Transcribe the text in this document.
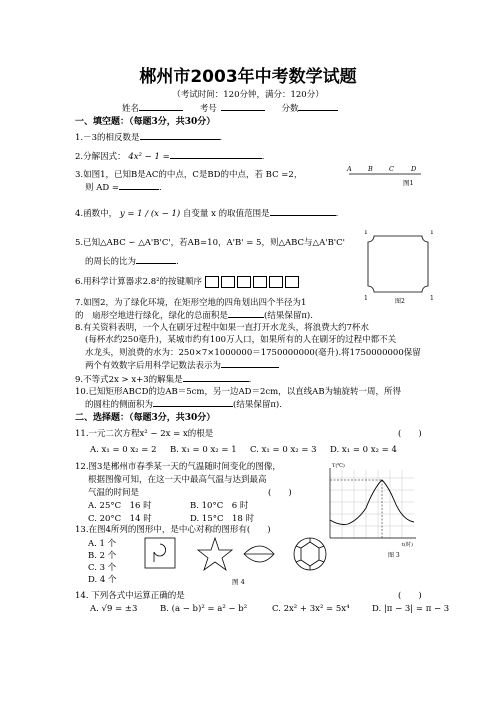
郴州市2003年中考数学试题
（考试时间：120分钟，满分：120分）
姓名	考号	分数
一、填空题：（每题3分，共30分）
1.－3的相反数是	.
2.分解因式： 4x² − 1 =	.
3.如图1，已知B是AC的中点，C是BD的中点，若 BC =2，
则 AD =	.
A	B C	D
图1
4.函数中， y = 1 / (x − 1) 自变量 x 的取值范围是	.
5.已知△ABC ∽ △A'B'C'，若AB=10，A'B' = 5，则△ABC与△A'B'C'
的周长的比为	.
6.用科学计算器求2.8²的按键顺序
1	1
1	1
图2
7.如图2，为了绿化环境，在矩形空地的四角划出四个半径为1
的　扇形空地进行绿化，绿化的总面积是	(结果保留π).
8.有关资料表明，一个人在刷牙过程中如果一直打开水龙头，将浪费大约7杯水
(每杯水约250毫升)，某城市约有100万人口，如果所有的人在刷牙的过程中都不关
水龙头，则浪费的水为：250×7×1000000＝1750000000(毫升).将1750000000保留
两个有效数字后用科学记数法表示为
9.不等式2x > x+3的解集是	.
10.已知矩形ABCD的边AB＝5cm，另一边AD＝2cm，以直线AB为轴旋转一周，所得
的圆柱的侧面积为	(结果保留π).
二、选择题：（每题3分，共30分）
11.一元二次方程x² − 2x = x的根是	(　　)
A. x₁ = 0 x₂ = 2 B. x₁ = 0 x₂ = 1 C. x₁ = 0 x₂ = 3 D. x₁ = 0 x₂ = 4
12.图3是郴州市春季某一天的气温随时间变化的图像，
根据图像可知，在这一天中最高气温与达到最高
气温的时间是	(　　)
A. 25°C　16 时	B. 10°C　6 时
C. 20°C　14 时	D. 15°C　18 时
T(℃)
t(时)
图 3
13.在图4所列的图形中，是中心对称的图形有(　　)
A. 1 个
B. 2 个
C. 3 个
D. 4 个	图 4
14. 下列各式中运算正确的是	(　　)
A. √9 = ±3	B. (a − b)² = a² − b²	C. 2x² + 3x² = 5x⁴	D. |π − 3| = π − 3
